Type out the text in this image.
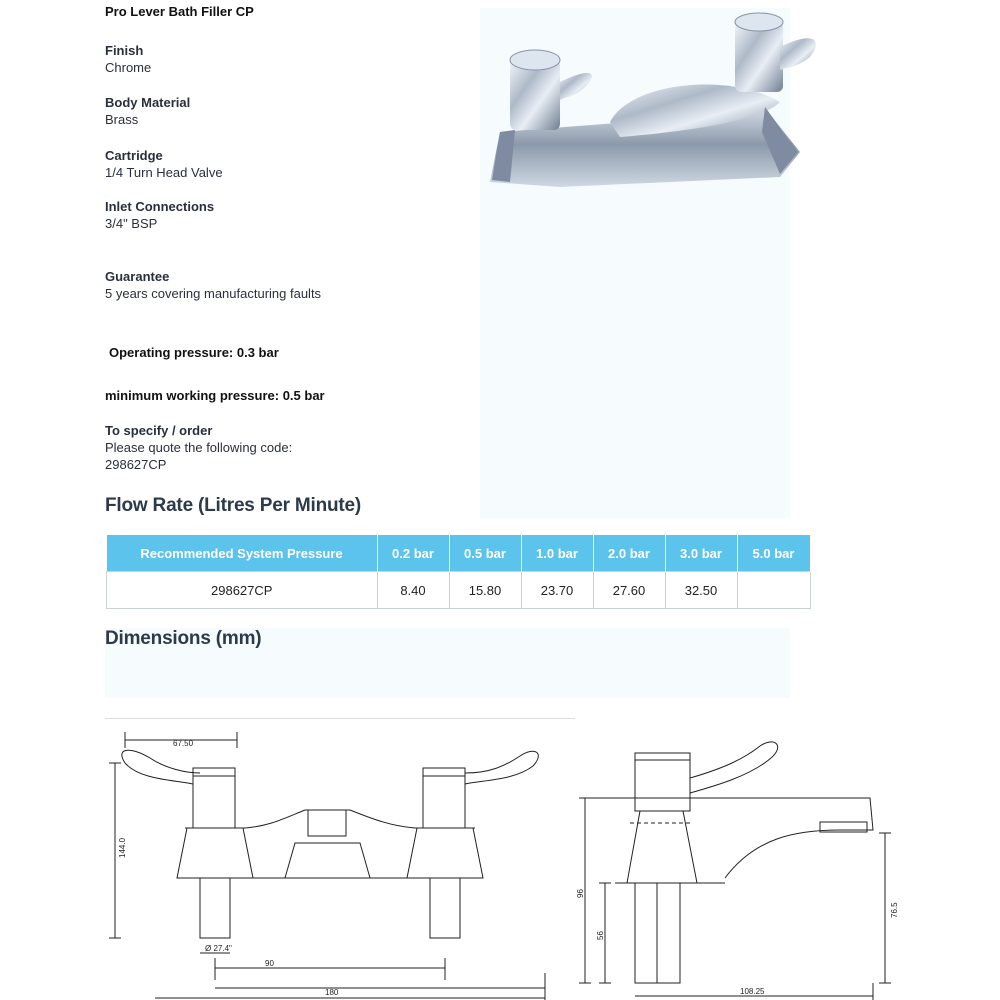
Pro Lever Bath Filler CP
Finish
Chrome
Body Material
Brass
Cartridge
1/4 Turn Head Valve
Inlet Connections
3/4" BSP
Guarantee
5 years covering manufacturing faults
Operating pressure: 0.3 bar
minimum working pressure: 0.5 bar
To specify / order
Please quote the following code:
298627CP
Flow Rate (Litres Per Minute)
Recommended System Pressure	0.2 bar	0.5 bar	1.0 bar	2.0 bar	3.0 bar	5.0 bar
298627CP	8.40	15.80	23.70	27.60	32.50	
Dimensions (mm)
67.50
144.0
Ø 27.4"
90
180
96
56
76.5
108.25
